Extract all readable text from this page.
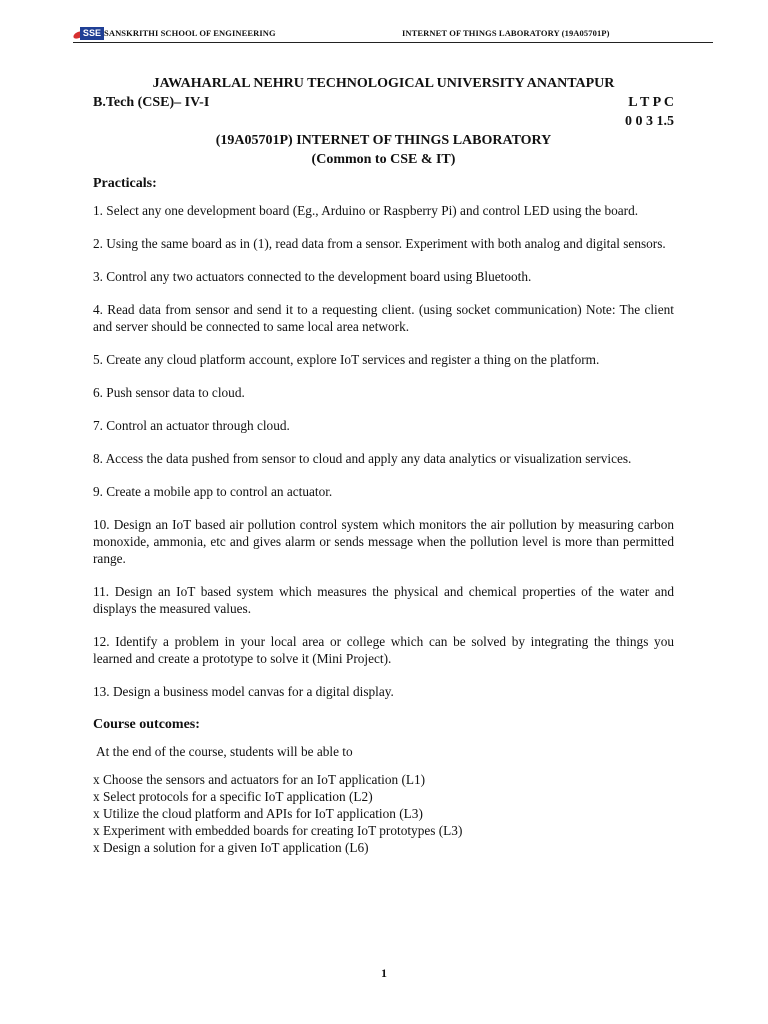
SSE SANSKRITHI SCHOOL OF ENGINEERING	INTERNET OF THINGS LABORATORY (19A05701P)
JAWAHARLAL NEHRU TECHNOLOGICAL UNIVERSITY ANANTAPUR
B.Tech (CSE)– IV-I	L T P C
0 0 3 1.5
(19A05701P) INTERNET OF THINGS LABORATORY
(Common to CSE & IT)
Practicals:
1. Select any one development board (Eg., Arduino or Raspberry Pi) and control LED using the board.
2. Using the same board as in (1), read data from a sensor. Experiment with both analog and digital sensors.
3. Control any two actuators connected to the development board using Bluetooth.
4. Read data from sensor and send it to a requesting client. (using socket communication) Note: The client and server should be connected to same local area network.
5. Create any cloud platform account, explore IoT services and register a thing on the platform.
6. Push sensor data to cloud.
7. Control an actuator through cloud.
8. Access the data pushed from sensor to cloud and apply any data analytics or visualization services.
9. Create a mobile app to control an actuator.
10. Design an IoT based air pollution control system which monitors the air pollution by measuring carbon monoxide, ammonia, etc and gives alarm or sends message when the pollution level is more than permitted range.
11. Design an IoT based system which measures the physical and chemical properties of the water and displays the measured values.
12. Identify a problem in your local area or college which can be solved by integrating the things you learned and create a prototype to solve it (Mini Project).
13. Design a business model canvas for a digital display.
Course outcomes:
At the end of the course, students will be able to
x Choose the sensors and actuators for an IoT application (L1)
x Select protocols for a specific IoT application (L2)
x Utilize the cloud platform and APIs for IoT application (L3)
x Experiment with embedded boards for creating IoT prototypes (L3)
x Design a solution for a given IoT application (L6)
1
